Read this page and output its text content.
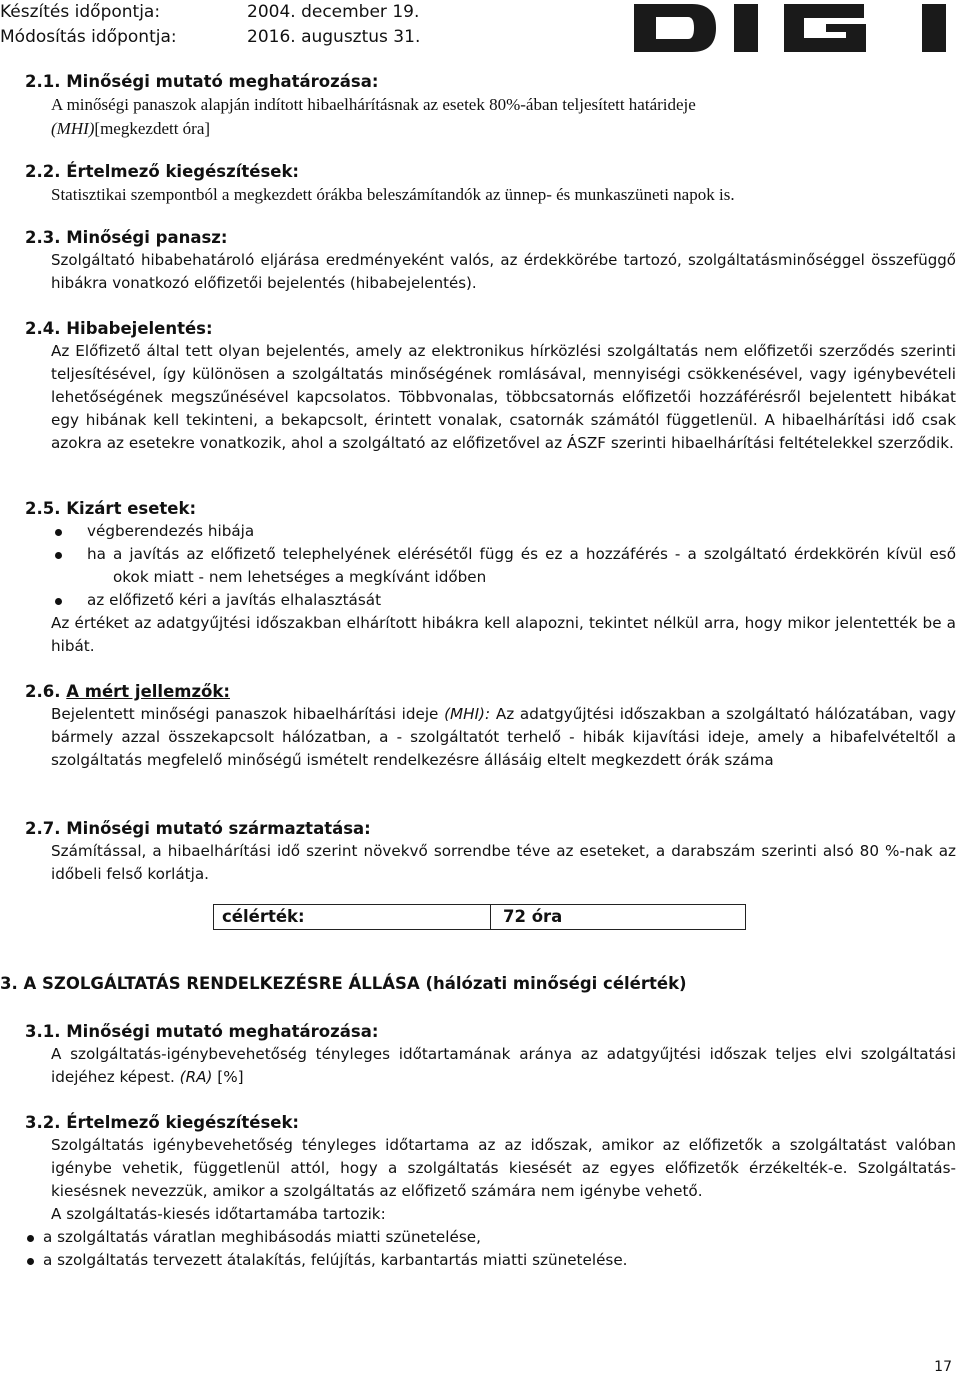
Készítés időpontja:	2004. december 19.
Módosítás időpontja:	2016. augusztus 31.
2.1. Minőségi mutató meghatározása:
A minőségi panaszok alapján indított hibaelhárításnak az esetek 80%-ában teljesített határideje
(MHI)[megkezdett óra]
2.2. Értelmező kiegészítések:
Statisztikai szempontból a megkezdett órákba beleszámítandók az ünnep- és munkaszüneti napok is.
2.3. Minőségi panasz:
Szolgáltató hibabehatároló eljárása eredményeként valós, az érdekkörébe tartozó, szolgáltatásminőséggel összefüggő hibákra vonatkozó előfizetői bejelentés (hibabejelentés).
2.4. Hibabejelentés:
Az Előfizető által tett olyan bejelentés, amely az elektronikus hírközlési szolgáltatás nem előfizetői szerződés szerinti teljesítésével, így különösen a szolgáltatás minőségének romlásával, mennyiségi csökkenésével, vagy igénybevételi lehetőségének megszűnésével kapcsolatos. Többvonalas, többcsatornás előfizetői hozzáférésről bejelentett hibákat egy hibának kell tekinteni, a bekapcsolt, érintett vonalak, csatornák számától függetlenül. A hibaelhárítási idő csak azokra az esetekre vonatkozik, ahol a szolgáltató az előfizetővel az ÁSZF szerinti hibaelhárítási feltételekkel szerződik.
2.5. Kizárt esetek:
végberendezés hibája
ha a javítás az előfizető telephelyének elérésétől függ és ez a hozzáférés - a szolgáltató érdekkörén kívül eső okok miatt - nem lehetséges a megkívánt időben
az előfizető kéri a javítás elhalasztását
Az értéket az adatgyűjtési időszakban elhárított hibákra kell alapozni, tekintet nélkül arra, hogy mikor jelentették be a hibát.
2.6. A mért jellemzők:
Bejelentett minőségi panaszok hibaelhárítási ideje (MHI): Az adatgyűjtési időszakban a szolgáltató hálózatában, vagy bármely azzal összekapcsolt hálózatban, a - szolgáltatót terhelő - hibák kijavítási ideje, amely a hibafelvételtől a szolgáltatás megfelelő minőségű ismételt rendelkezésre állásáig eltelt megkezdett órák száma
2.7. Minőségi mutató származtatása:
Számítással, a hibaelhárítási idő szerint növekvő sorrendbe téve az eseteket, a darabszám szerinti alsó 80 %-nak az időbeli felső korlátja.
célérték:	72 óra
3. A SZOLGÁLTATÁS RENDELKEZÉSRE ÁLLÁSA (hálózati minőségi célérték)
3.1. Minőségi mutató meghatározása:
A szolgáltatás-igénybevehetőség tényleges időtartamának aránya az adatgyűjtési időszak teljes elvi szolgáltatási idejéhez képest. (RA) [%]
3.2. Értelmező kiegészítések:
Szolgáltatás igénybevehetőség tényleges időtartama az az időszak, amikor az előfizetők a szolgáltatást valóban igénybe vehetik, függetlenül attól, hogy a szolgáltatás kiesését az egyes előfizetők érzékelték-e. Szolgáltatás-kiesésnek nevezzük, amikor a szolgáltatás az előfizető számára nem igénybe vehető.
A szolgáltatás-kiesés időtartamába tartozik:
a szolgáltatás váratlan meghibásodás miatti szünetelése,
a szolgáltatás tervezett átalakítás, felújítás, karbantartás miatti szünetelése.
17
